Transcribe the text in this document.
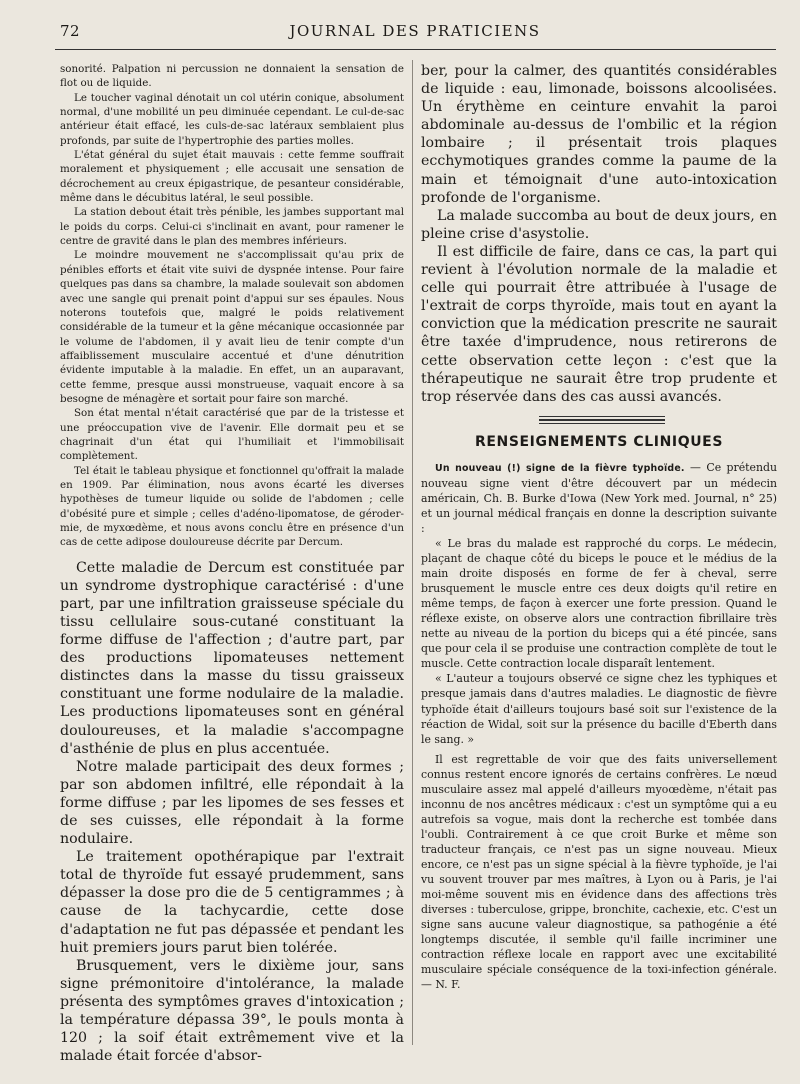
72	JOURNAL DES PRATICIENS

sonorité. Palpation ni percussion ne donnaient la sensation de flot ou de liquide.

Le toucher vaginal dénotait un col utérin conique, absolument normal, d'une mobilité un peu diminuée cependant. Le cul-de-sac antérieur était effacé, les culs-de-sac latéraux semblaient plus profonds, par suite de l'hypertrophie des parties molles.

L'état général du sujet était mauvais : cette femme souffrait moralement et physiquement ; elle accusait une sensation de décrochement au creux épigastrique, de pesanteur considérable, même dans le décubitus latéral, le seul possible.

La station debout était très pénible, les jambes supportant mal le poids du corps. Celui-ci s'inclinait en avant, pour ramener le centre de gravité dans le plan des membres inférieurs.

Le moindre mouvement ne s'accomplissait qu'au prix de pénibles efforts et était vite suivi de dyspnée intense. Pour faire quelques pas dans sa chambre, la malade soulevait son abdomen avec une sangle qui prenait point d'appui sur ses épaules. Nous noterons toutefois que, malgré le poids relativement considérable de la tumeur et la gêne mécanique occasionnée par le volume de l'abdomen, il y avait lieu de tenir compte d'un affaiblissement musculaire accentué et d'une dénutrition évidente imputable à la maladie. En effet, un an auparavant, cette femme, presque aussi monstrueuse, vaquait encore à sa besogne de ménagère et sortait pour faire son marché.

Son état mental n'était caractérisé que par de la tristesse et une préoccupation vive de l'avenir. Elle dormait peu et se chagrinait d'un état qui l'humiliait et l'immobilisait complètement.

Tel était le tableau physique et fonctionnel qu'offrait la malade en 1909. Par élimination, nous avons écarté les diverses hypothèses de tumeur liquide ou solide de l'abdomen ; celle d'obésité pure et simple ; celles d'adéno-lipomatose, de géroder-mie, de myxœdème, et nous avons conclu être en présence d'un cas de cette adipose douloureuse décrite par Dercum.

Cette maladie de Dercum est constituée par un syndrome dystrophique caractérisé : d'une part, par une infiltration graisseuse spéciale du tissu cellulaire sous-cutané constituant la forme diffuse de l'affection ; d'autre part, par des productions lipomateuses nettement distinctes dans la masse du tissu graisseux constituant une forme nodulaire de la maladie. Les productions lipomateuses sont en général douloureuses, et la maladie s'accompagne d'asthénie de plus en plus accentuée.

Notre malade participait des deux formes ; par son abdomen infiltré, elle répondait à la forme diffuse ; par les lipomes de ses fesses et de ses cuisses, elle répondait à la forme nodulaire.

Le traitement opothérapique par l'extrait total de thyroïde fut essayé prudemment, sans dépasser la dose pro die de 5 centigrammes ; à cause de la tachycardie, cette dose d'adaptation ne fut pas dépassée et pendant les huit premiers jours parut bien tolérée.

Brusquement, vers le dixième jour, sans signe prémonitoire d'intolérance, la malade présenta des symptômes graves d'intoxication ; la température dépassa 39°, le pouls monta à 120 ; la soif était extrêmement vive et la malade était forcée d'absor-

ber, pour la calmer, des quantités considérables de liquide : eau, limonade, boissons alcoolisées. Un érythème en ceinture envahit la paroi abdominale au-dessus de l'ombilic et la région lombaire ; il présentait trois plaques ecchymotiques grandes comme la paume de la main et témoignait d'une auto-intoxication profonde de l'organisme.

La malade succomba au bout de deux jours, en pleine crise d'asystolie.

Il est difficile de faire, dans ce cas, la part qui revient à l'évolution normale de la maladie et celle qui pourrait être attribuée à l'usage de l'extrait de corps thyroïde, mais tout en ayant la conviction que la médication prescrite ne saurait être taxée d'imprudence, nous retirerons de cette observation cette leçon : c'est que la thérapeutique ne saurait être trop prudente et trop réservée dans des cas aussi avancés.

RENSEIGNEMENTS CLINIQUES

Un nouveau (!) signe de la fièvre typhoïde. — Ce prétendu nouveau signe vient d'être découvert par un médecin américain, Ch. B. Burke d'Iowa (New York med. Journal, n° 25) et un journal médical français en donne la description suivante :

« Le bras du malade est rapproché du corps. Le médecin, plaçant de chaque côté du biceps le pouce et le médius de la main droite disposés en forme de fer à cheval, serre brusquement le muscle entre ces deux doigts qu'il retire en même temps, de façon à exercer une forte pression. Quand le réflexe existe, on observe alors une contraction fibrillaire très nette au niveau de la portion du biceps qui a été pincée, sans que pour cela il se produise une contraction complète de tout le muscle. Cette contraction locale disparaît lentement.

« L'auteur a toujours observé ce signe chez les typhiques et presque jamais dans d'autres maladies. Le diagnostic de fièvre typhoïde était d'ailleurs toujours basé soit sur l'existence de la réaction de Widal, soit sur la présence du bacille d'Eberth dans le sang. »

Il est regrettable de voir que des faits universellement connus restent encore ignorés de certains confrères. Le nœud musculaire assez mal appelé d'ailleurs myoœdème, n'était pas inconnu de nos ancêtres médicaux : c'est un symptôme qui a eu autrefois sa vogue, mais dont la recherche est tombée dans l'oubli. Contrairement à ce que croit Burke et même son traducteur français, ce n'est pas un signe nouveau. Mieux encore, ce n'est pas un signe spécial à la fièvre typhoïde, je l'ai vu souvent trouver par mes maîtres, à Lyon ou à Paris, je l'ai moi-même souvent mis en évidence dans des affections très diverses : tuberculose, grippe, bronchite, cachexie, etc. C'est un signe sans aucune valeur diagnostique, sa pathogénie a été longtemps discutée, il semble qu'il faille incriminer une contraction réflexe locale en rapport avec une excitabilité musculaire spéciale conséquence de la toxi-infection générale. — N. F.
